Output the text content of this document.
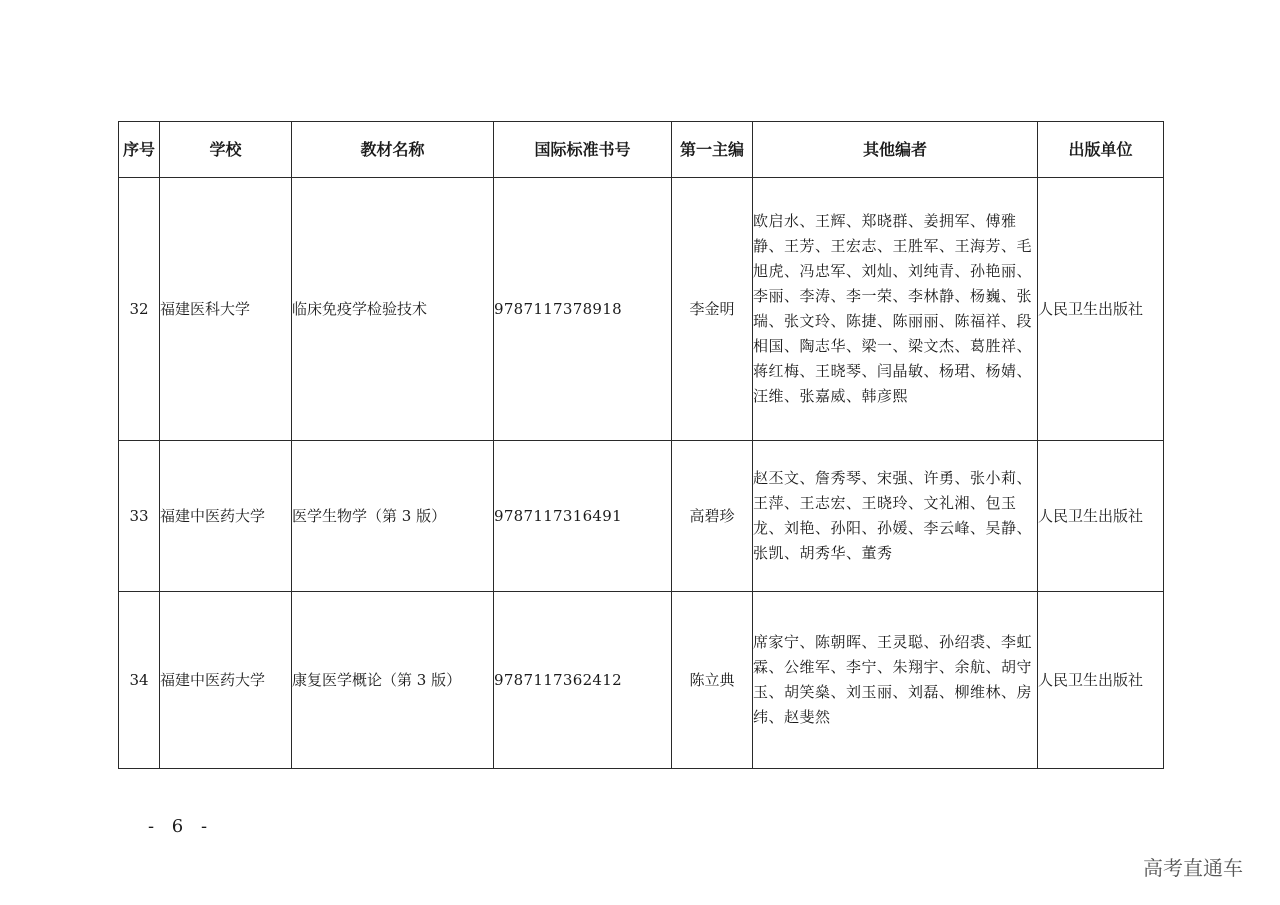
序号	学校	教材名称	国际标准书号	第一主编	其他编者	出版单位
32	福建医科大学	临床免疫学检验技术	9787117378918	李金明	欧启水、王辉、郑晓群、姜拥军、傅雅静、王芳、王宏志、王胜军、王海芳、毛旭虎、冯忠军、刘灿、刘纯青、孙艳丽、李丽、李涛、李一荣、李林静、杨巍、张瑞、张文玲、陈捷、陈丽丽、陈福祥、段相国、陶志华、梁一、梁文杰、葛胜祥、蒋红梅、王晓琴、闫晶敏、杨珺、杨婧、汪维、张嘉威、韩彦熙	人民卫生出版社
33	福建中医药大学	医学生物学（第 3 版）	9787117316491	高碧珍	赵丕文、詹秀琴、宋强、许勇、张小莉、王萍、王志宏、王晓玲、文礼湘、包玉龙、刘艳、孙阳、孙媛、李云峰、吴静、张凯、胡秀华、董秀	人民卫生出版社
34	福建中医药大学	康复医学概论（第 3 版）	9787117362412	陈立典	席家宁、陈朝晖、王灵聪、孙绍裘、李虹霖、公维军、李宁、朱翔宇、余航、胡守玉、胡笑燊、刘玉丽、刘磊、柳维林、房纬、赵斐然	人民卫生出版社
- 6 -
高考直通车
